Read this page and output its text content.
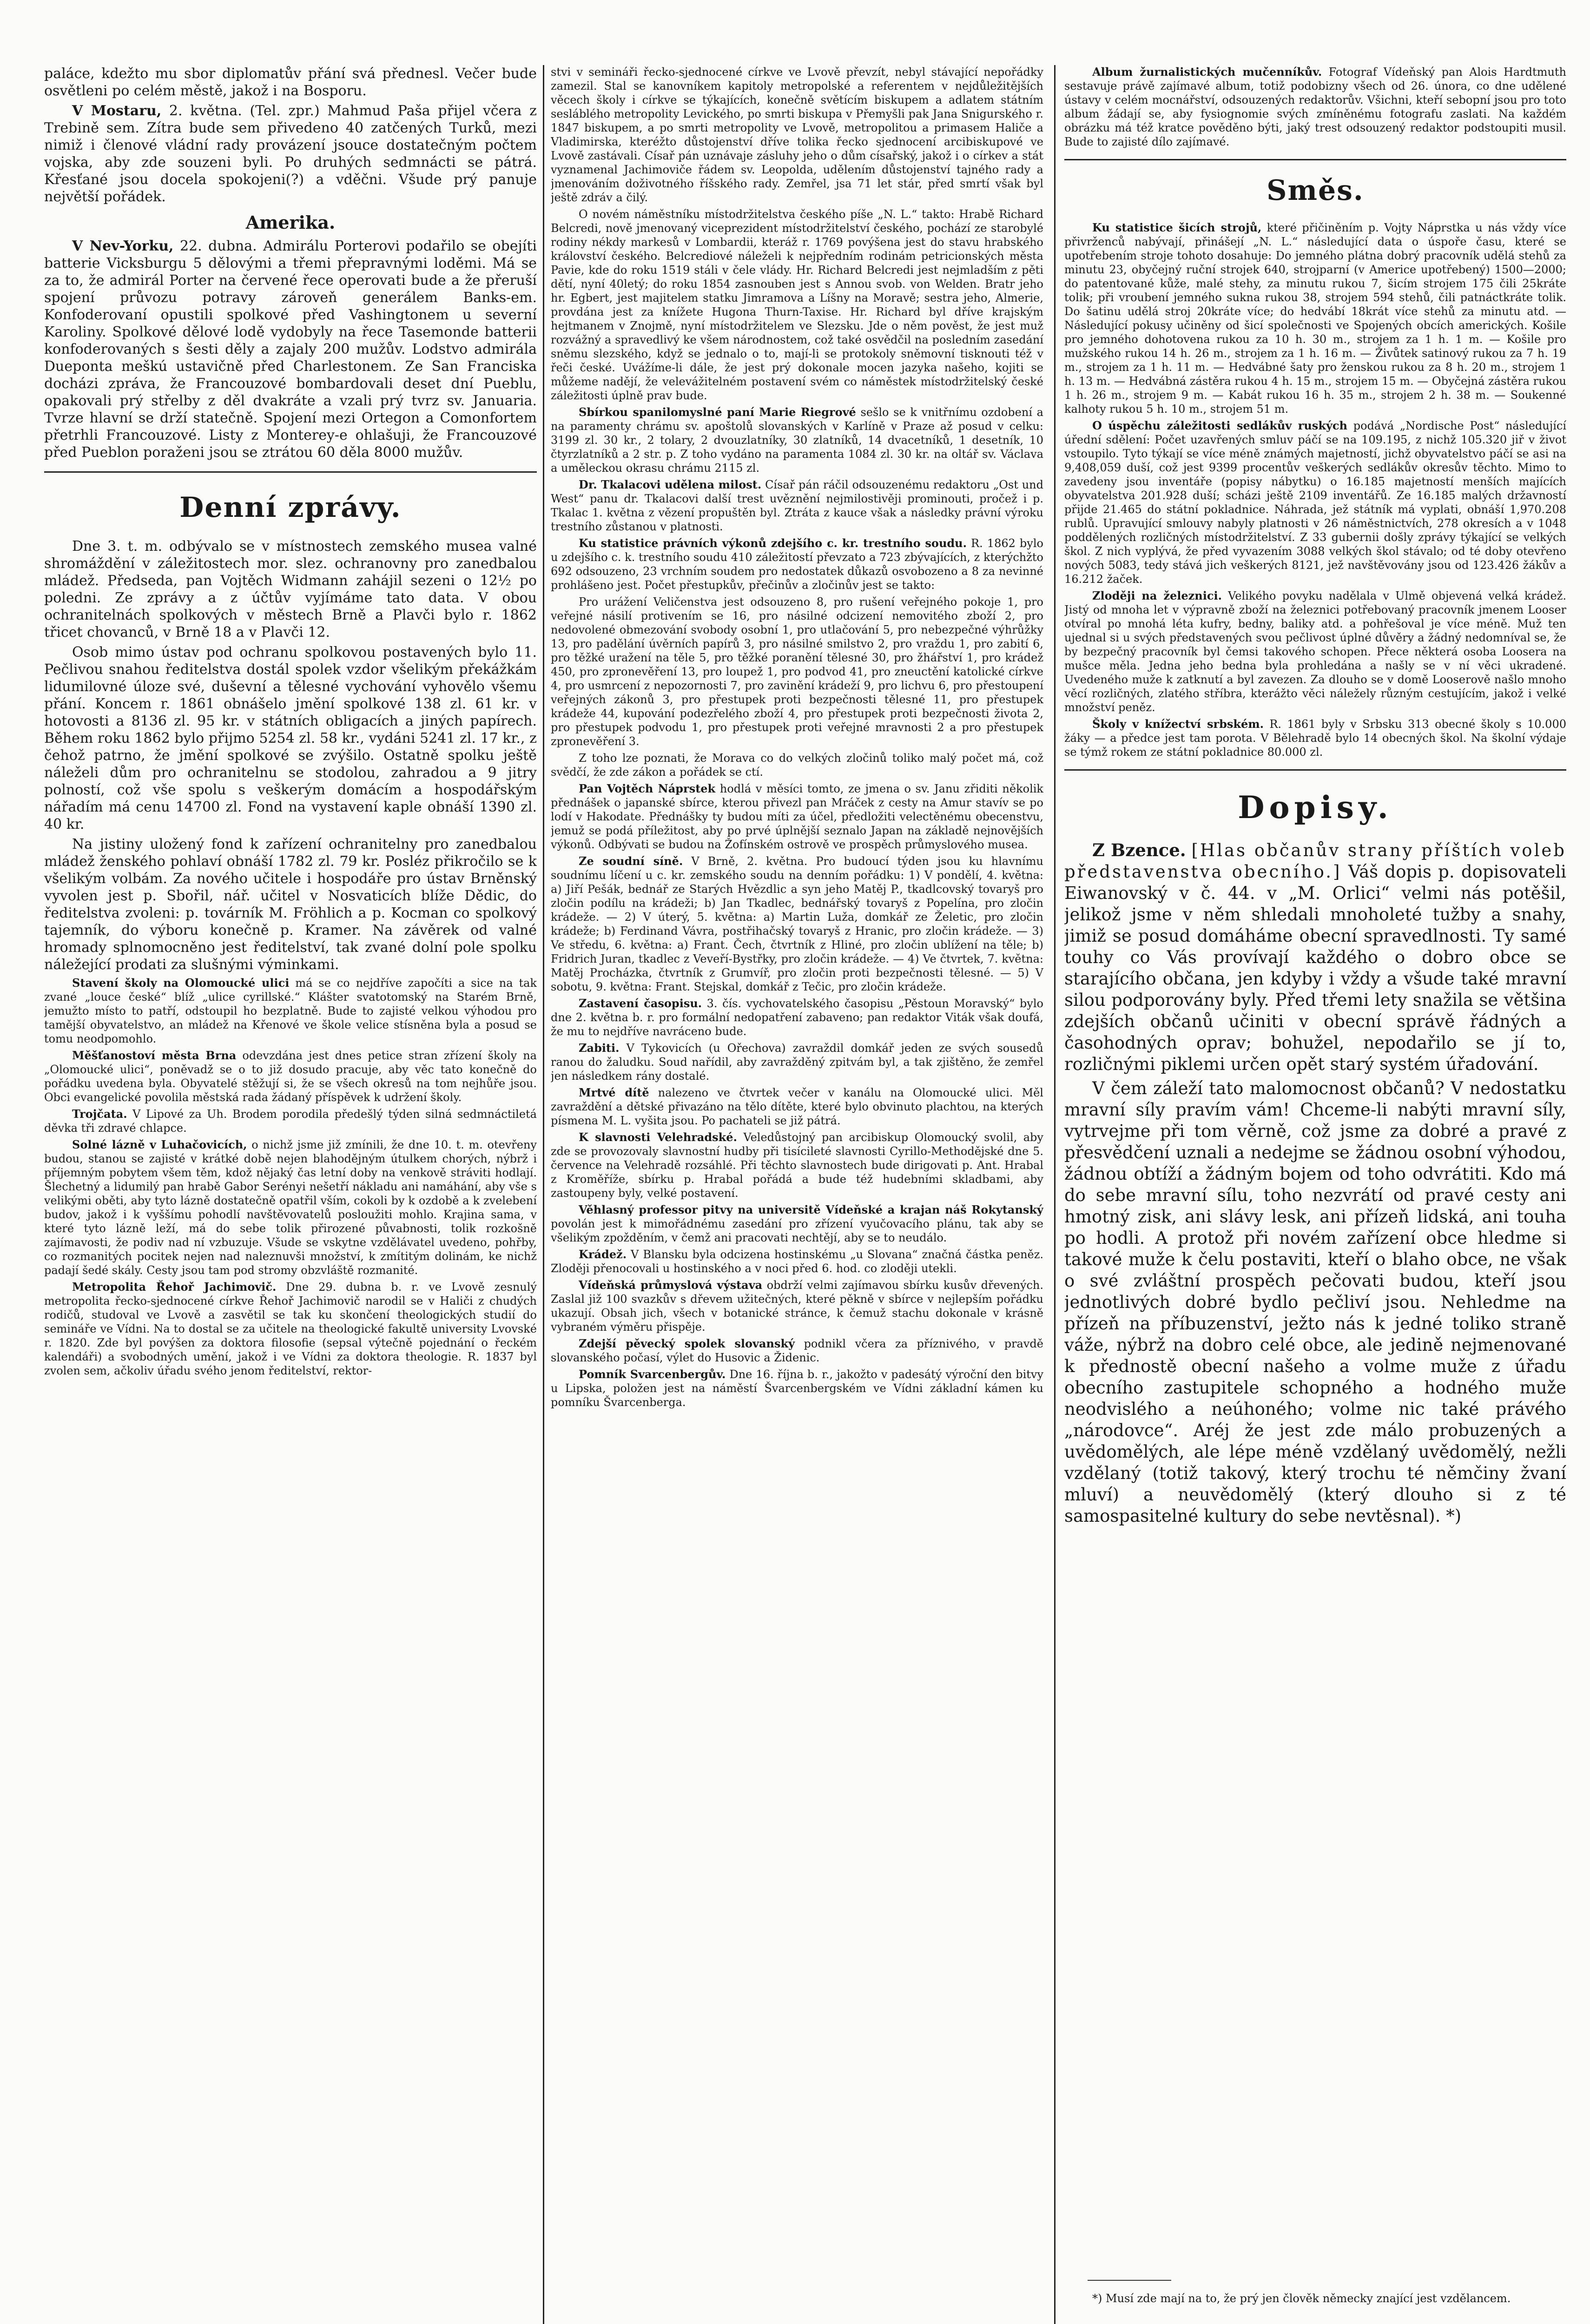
paláce, kdežto mu sbor diplomatův přání svá přednesl. Večer bude osvětleni po celém městě, jakož i na Bosporu.

V Mostaru, 2. května. (Tel. zpr.) Mahmud Paša přijel včera z Trebině sem. Zítra bude sem přivedeno 40 zatčených Turků, mezi nimiž i členové vládní rady provázení jsouce dostatečným počtem vojska, aby zde souzeni byli. Po druhých sedmnácti se pátrá. Křesťané jsou docela spokojeni(?) a vděčni. Všude prý panuje největší pořádek.

Amerika.

V Nev-Yorku, 22. dubna. Admirálu Porterovi podařilo se obejíti batterie Vicksburgu 5 dělovými a třemi přepravnými loděmi. Má se za to, že admirál Porter na červené řece operovati bude a že přeruší spojení průvozu potravy zároveň generálem Banks-em. Konfoderovaní opustili spolkové před Vashingtonem u severní Karoliny. Spolkové dělové lodě vydobyly na řece Tasemonde batterii konfoderovaných s šesti děly a zajaly 200 mužův. Lodstvo admirála Dueponta meškú ustavičně před Charlestonem. Ze San Franciska docházi zpráva, že Francouzové bombardovali deset dní Pueblu, opakovali prý střelby z děl dvakráte a vzali prý tvrz sv. Januaria. Tvrze hlavní se drží statečně. Spojení mezi Ortegon a Comonfortem přetrhli Francouzové. Listy z Monterey-e ohlašuji, že Francouzové před Pueblon poraženi jsou se ztrátou 60 děla 8000 mužův.

Denní zprávy.

Dne 3. t. m. odbývalo se v místnostech zemského musea valné shromáždění v záležitostech mor. slez. ochranovny pro zanedbalou mládež. Předseda, pan Vojtěch Widmann zahájil sezeni o 12½ po poledni. Ze zprávy a z účtův vyjímáme tato data. V obou ochranitelnách spolkových v městech Brně a Plavči bylo r. 1862 třicet chovanců, v Brně 18 a v Plavči 12.

Osob mimo ústav pod ochranu spolkovou postavených bylo 11. Pečlivou snahou ředitelstva dostál spolek vzdor všelikým překážkám lidumilovné úloze své, duševní a tělesné vychování vyhovělo všemu přání. Koncem r. 1861 obnášelo jmění spolkové 138 zl. 61 kr. v hotovosti a 8136 zl. 95 kr. v státních obligacích a jiných papírech. Během roku 1862 bylo přijmo 5254 zl. 58 kr., vydáni 5241 zl. 17 kr., z čehož patrno, že jmění spolkové se zvýšilo. Ostatně spolku ještě náleželi dům pro ochranitelnu se stodolou, zahradou a 9 jitry polností, což vše spolu s veškerým domácím a hospodářským nářadím má cenu 14700 zl. Fond na vystavení kaple obnáší 1390 zl. 40 kr.

Na jistiny uložený fond k zařízení ochranitelny pro zanedbalou mládež ženského pohlaví obnáší 1782 zl. 79 kr. Posléz přikročilo se k všelikým volbám. Za nového učitele i hospodáře pro ústav Brněnský vyvolen jest p. Sbořil, nář. učitel v Nosvaticích blíže Dědic, do ředitelstva zvoleni: p. továrník M. Fröhlich a p. Kocman co spolkový tajemník, do výboru konečně p. Kramer. Na závěrek od valné hromady splnomocněno jest ředitelství, tak zvané dolní pole spolku náležející prodati za slušnými výminkami.

Stavení školy na Olomoucké ulici má se co nejdříve započíti a sice na tak zvané „louce české“ blíž „ulice cyrillské.“ Klášter svatotomský na Starém Brně, jemužto místo to patří, odstoupil ho bezplatně. Bude to zajisté velkou výhodou pro tamější obyvatelstvo, an mládež na Křenové ve škole velice stísněna byla a posud se tomu neodpomohlo.

Měšťanostoví města Brna odevzdána jest dnes petice stran zřízení školy na „Olomoucké ulici“, poněvadž se o to již dosudo pracuje, aby věc tato konečně do pořádku uvedena byla. Obyvatelé stěžují si, že se všech okresů na tom nejhůře jsou. Obci evangelické povolila městská rada žádaný příspěvek k udržení školy.

Trojčata. V Lipové za Uh. Brodem porodila předešlý týden silná sedmnáctiletá děvka tři zdravé chlapce.

Solné lázně v Luhačovicích, o nichž jsme již zmínili, že dne 10. t. m. otevřeny budou, stanou se zajisté v krátké době nejen blahodějným útulkem chorých, nýbrž i příjemným pobytem všem těm, kdož nějaký čas letní doby na venkově stráviti hodlají. Šlechetný a lidumilý pan hrabě Gabor Serényi nešetří nákladu ani namáhání, aby vše s velikými oběti, aby tyto lázně dostatečně opatřil vším, cokoli by k ozdobě a k zvelebení budov, jakož i k vyššímu pohodlí navštěvovatelů posloužiti mohlo. Krajina sama, v které tyto lázně leží, má do sebe tolik přirozené půvabnosti, tolik rozkošně zajímavosti, že podiv nad ní vzbuzuje. Všude se vskytne vzdělávatel uvedeno, pohřby, co rozmanitých pocitek nejen nad naleznuvši množství, k zmítitým dolinám, ke nichž padají šedé skály. Cesty jsou tam pod stromy obzvláště rozmanité.

Metropolita Řehoř Jachimovič. Dne 29. dubna b. r. ve Lvově zesnulý metropolita řecko-sjednocené církve Řehoř Jachimovič narodil se v Haliči z chudých rodičů, studoval ve Lvově a zasvětil se tak ku skončení theologických studií do semináře ve Vídni. Na to dostal se za učitele na theologické fakultě university Lvovské r. 1820. Zde byl povýšen za doktora filosofie (sepsal výtečně pojednání o řeckém kalendáři) a svobodných umění, jakož i ve Vídni za doktora theologie. R. 1837 byl zvolen sem, ačkoliv úřadu svého jenom ředitelství, rektor-

stvi v semináři řecko-sjednocené církve ve Lvově převzít, nebyl stávající nepořádky zamezil. Stal se kanovníkem kapitoly metropolské a referentem v nejdůležitějších věcech školy i církve se týkajících, konečně světícím biskupem a adlatem státním sesláblého metropolity Levického, po smrti biskupa v Přemyšli pak Jana Snigurského r. 1847 biskupem, a po smrti metropolity ve Lvově, metropolitou a primasem Haliče a Vladimirska, kteréžto důstojenství dříve tolika řecko sjednocení arcibiskupové ve Lvově zastávali. Císař pán uznávaje zásluhy jeho o dům císařský, jakož i o církev a stát vyznamenal Jachimoviče řádem sv. Leopolda, udělením důstojenství tajného rady a jmenováním doživotného říšského rady. Zemřel, jsa 71 let stár, před smrtí však byl ještě zdráv a čilý.

O novém náměstníku místodržitelstva českého píše „N. L.“ takto: Hrabě Richard Belcredi, nově jmenovaný viceprezident místodržitelství českého, pochází ze starobylé rodiny nékdy markesů v Lombardii, kteráž r. 1769 povýšena jest do stavu hrabského království českého. Belcrediové náleželi k nejpředním rodinám petricionských města Pavie, kde do roku 1519 stáli v čele vlády. Hr. Richard Belcredi jest nejmladším z pěti dětí, nyní 40letý; do roku 1854 zasnouben jest s Annou svob. von Welden. Bratr jeho hr. Egbert, jest majitelem statku Jimramova a Líšny na Moravě; sestra jeho, Almerie, provdána jest za knížete Hugona Thurn-Taxise. Hr. Richard byl dříve krajským hejtmanem v Znojmě, nyní místodržitelem ve Slezsku. Jde o něm pověst, že jest muž rozvážný a spravedlivý ke všem národnostem, což také osvědčil na posledním zasedání sněmu slezského, když se jednalo o to, mají-li se protokoly sněmovní tisknouti též v řeči české. Uvážíme-li dále, že jest prý dokonale mocen jazyka našeho, kojiti se můžeme nadějí, že velevážitelném postavení svém co náměstek místodržitelský české záležitosti úplně prav bude.

Sbírkou spanilomyslné paní Marie Riegrové sešlo se k vnitřnímu ozdobení a na paramenty chrámu sv. apoštolů slovanských v Karlíně v Praze až posud v celku: 3199 zl. 30 kr., 2 tolary, 2 dvouzlatníky, 30 zlatníků, 14 dvacetníků, 1 desetník, 10 čtyrzlatníků a 2 str. p. Z toho vydáno na paramenta 1084 zl. 30 kr. na oltář sv. Václava a uměleckou okrasu chrámu 2115 zl.

Dr. Tkalacovi udělena milost. Císař pán ráčil odsouzenému redaktoru „Ost und West“ panu dr. Tkalacovi další trest uvěznění nejmilostivěji prominouti, pročež i p. Tkalac 1. května z vězení propuštěn byl. Ztráta z kauce však a následky právní výroku trestního zůstanou v platnosti.

Ku statistice právních výkonů zdejšího c. kr. trestního soudu. R. 1862 bylo u zdejšího c. k. trestního soudu 410 záležitostí převzato a 723 zbývajících, z kterýchžto 692 odsouzeno, 23 vrchním soudem pro nedostatek důkazů osvobozeno a 8 za nevinné prohlášeno jest. Počet přestupkův, přečinův a zločinův jest se takto:

Pro urážení Veličenstva jest odsouzeno 8, pro rušení veřejného pokoje 1, pro veřejné násilí protivením se 16, pro násilné odcizení nemovitého zboží 2, pro nedovolené obmezování svobody osobní 1, pro utlačování 5, pro nebezpečné výhrůžky 13, pro padělání úvěrních papírů 3, pro násilné smilstvo 2, pro vraždu 1, pro zabití 6, pro těžké uražení na těle 5, pro těžké poranění tělesné 30, pro žhářství 1, pro krádež 450, pro zpronevěření 13, pro loupež 1, pro podvod 41, pro zneuctění katolické církve 4, pro usmrcení z nepozornosti 7, pro zavinění krádeží 9, pro lichvu 6, pro přestoupení veřejných zákonů 3, pro přestupek proti bezpečnosti tělesné 11, pro přestupek krádeže 44, kupování podezřelého zboží 4, pro přestupek proti bezpečnosti života 2, pro přestupek podvodu 1, pro přestupek proti veřejné mravnosti 2 a pro přestupek zpronevěření 3.

Z toho lze poznati, že Morava co do velkých zločinů toliko malý počet má, což svědčí, že zde zákon a pořádek se ctí.

Pan Vojtěch Náprstek hodlá v měsíci tomto, ze jmena o sv. Janu zřiditi několik přednášek o japanské sbírce, kterou přivezl pan Mráček z cesty na Amur stavív se po lodí v Hakodate. Přednášky ty budou míti za účel, předložiti velectěnému obecenstvu, jemuž se podá příležitost, aby po prvé úplnější seznalo Japan na základě nejnovějších výkonů. Odbývati se budou na Žofínském ostrově ve prospěch průmyslového musea.

Ze soudní síně. V Brně, 2. května. Pro budoucí týden jsou ku hlavnímu soudnímu líčení u c. kr. zemského soudu na denním pořádku: 1) V pondělí, 4. května: a) Jiří Pešák, bednář ze Starých Hvězdlic a syn jeho Matěj P., tkadlcovský tovaryš pro zločin podílu na krádeži; b) Jan Tkadlec, bednářský tovaryš z Popelína, pro zločin krádeže. — 2) V úterý, 5. května: a) Martin Luža, domkář ze Želetic, pro zločin krádeže; b) Ferdinand Vávra, postřihačský tovaryš z Hranic, pro zločin krádeže. — 3) Ve středu, 6. května: a) Frant. Čech, čtvrtník z Hliné, pro zločin ublížení na těle; b) Fridrich Juran, tkadlec z Veveří-Bystřky, pro zločin krádeže. — 4) Ve čtvrtek, 7. května: Matěj Procházka, čtvrtník z Grumvíř, pro zločin proti bezpečnosti tělesné. — 5) V sobotu, 9. května: Frant. Stejskal, domkář z Tečic, pro zločin krádeže.

Zastavení časopisu. 3. čís. vychovatelského časopisu „Pěstoun Moravský“ bylo dne 2. května b. r. pro formální nedopatření zabaveno; pan redaktor Viták však doufá, že mu to nejdříve navráceno bude.

Zabiti. V Tykovicích (u Ořechova) zavraždil domkář jeden ze svých sousedů ranou do žaludku. Soud nařídil, aby zavražděný zpitvám byl, a tak zjištěno, že zemřel jen následkem rány dostalé.

Mrtvé dítě nalezeno ve čtvrtek večer v kanálu na Olomoucké ulici. Měl zavraždění a dětské přivazáno na tělo dítěte, které bylo obvinuto plachtou, na kterých písmena M. L. vyšita jsou. Po pachateli se již pátrá.

K slavnosti Velehradské. Veledůstojný pan arcibiskup Olomoucký svolil, aby zde se provozovaly slavnostní hudby při tisícileté slavnosti Cyrillo-Methodějské dne 5. července na Velehradě rozsáhlé. Při těchto slavnostech bude dirigovati p. Ant. Hrabal z Kroměříže, sbírku p. Hrabal pořádá a bude též hudebními skladbami, aby zastoupeny byly, velké postavení.

Věhlasný professor pitvy na universitě Vídeňské a krajan náš Rokytanský povolán jest k mimořádnému zasedání pro zřízení vyučovacího plánu, tak aby se všelikým zpožděním, v čemž ani pracovati nechtějí, aby se to neudálo.

Krádež. V Blansku byla odcizena hostinskému „u Slovana“ značná částka peněz. Zloději přenocovali u hostinského a v noci před 6. hod. co zloději utekli.

Vídeňská průmyslová výstava obdrží velmi zajímavou sbírku kusův dřevených. Zaslal již 100 svazkův s dřevem užitečných, které pěkně v sbírce v nejlepším pořádku ukazují. Obsah jich, všech v botanické stránce, k čemuž stachu dokonale v krásně vybraném výměru přispěje.

Zdejší pěvecký spolek slovanský podnikl včera za příznivého, v pravdě slovanského počasí, výlet do Husovic a Židenic.

Pomník Svarcenbergův. Dne 16. října b. r., jakožto v padesátý výroční den bitvy u Lipska, položen jest na náměstí Švarcenbergském ve Vídni základní kámen ku pomníku Švarcenberga.

Album žurnalistických mučenníkův. Fotograf Vídeňský pan Alois Hardtmuth sestavuje právě zajímavé album, totiž podobizny všech od 26. února, co dne udělené ústavy v celém mocnářství, odsouzených redaktorův. Všichni, kteří sebopní jsou pro toto album žádají se, aby fysiognomie svých zmíněnému fotografu zaslati. Na každém obrázku má též kratce pověděno býti, jaký trest odsouzený redaktor podstoupiti musil. Bude to zajisté dílo zajímavé.

Směs.

Ku statistice šicích strojů, které přičiněním p. Vojty Náprstka u nás vždy více přivrženců nabývají, přinášejí „N. L.“ následující data o úspoře času, které se upotřebením stroje tohoto dosahuje: Do jemného plátna dobrý pracovník udělá stehů za minutu 23, obyčejný ruční strojek 640, strojparní (v Americe upotřebený) 1500—2000; do patentované kůže, malé stehy, za minutu rukou 7, šicím strojem 175 čili 25kráte tolik; při vroubení jemného sukna rukou 38, strojem 594 stehů, čili patnáctkráte tolik. Do šatinu udělá stroj 20kráte více; do hedvábí 18krát více stehů za minutu atd. — Následující pokusy učiněny od šicí společnosti ve Spojených obcích amerických. Košile pro jemného dohotovena rukou za 10 h. 30 m., strojem za 1 h. 1 m. — Košile pro mužského rukou 14 h. 26 m., strojem za 1 h. 16 m. — Živůtek satinový rukou za 7 h. 19 m., strojem za 1 h. 11 m. — Hedvábné šaty pro ženskou rukou za 8 h. 20 m., strojem 1 h. 13 m. — Hedvábná zástěra rukou 4 h. 15 m., strojem 15 m. — Obyčejná zástěra rukou 1 h. 26 m., strojem 9 m. — Kabát rukou 16 h. 35 m., strojem 2 h. 38 m. — Soukenné kalhoty rukou 5 h. 10 m., strojem 51 m.

O úspěchu záležitosti sedlákův ruských podává „Nordische Post“ následující úřední sdělení: Počet uzavřených smluv páčí se na 109.195, z nichž 105.320 jiř v život vstoupilo. Tyto týkají se více méně známých majetností, jichž obyvatelstvo páčí se asi na 9,408,059 duší, což jest 9399 procentův veškerých sedlákův okresův těchto. Mimo to zavedeny jsou inventáře (popisy nábytku) o 16.185 majetností menších majících obyvatelstva 201.928 duší; scházi ještě 2109 inventářů. Ze 16.185 malých državností přijde 21.465 do státní pokladnice. Náhrada, jež státník má vyplati, obnáší 1,970.208 rublů. Upravující smlouvy nabyly platnosti v 26 náměstnictvích, 278 okresích a v 1048 poddělených rozličných místodržitelství. Z 33 gubernii došly zprávy týkající se velkých škol. Z nich vyplývá, že před vyvazením 3088 velkých škol stávalo; od té doby otevřeno nových 5083, tedy stává jich veškerých 8121, jež navštěvovány jsou od 123.426 žákův a 16.212 žaček.

Zloději na železnici. Velikého povyku nadělala v Ulmě objevená velká krádež. Jistý od mnoha let v výpravně zboží na železnici potřebovaný pracovník jmenem Looser otvíral po mnohá léta kufry, bedny, baliky atd. a pohřešoval je více méně. Muž ten ujednal si u svých představených svou pečlivost úplné důvěry a žádný nedomníval se, že by bezpečný pracovník byl čemsi takového schopen. Přece některá osoba Loosera na mušce měla. Jedna jeho bedna byla prohledána a našly se v ní věci ukradené. Uvedeného muže k zatknutí a byl zavezen. Za dlouho se v domě Looserově našlo mnoho věcí rozličných, zlatého stříbra, kterážto věci náležely různým cestujícím, jakož i velké množství peněz.

Školy v knížectví srbském. R. 1861 byly v Srbsku 313 obecné školy s 10.000 žáky — a předce jest tam porota. V Bělehradě bylo 14 obecných škol. Na školní výdaje se týmž rokem ze státní pokladnice 80.000 zl.

Dopisy.

Z Bzence. [Hlas občanův strany příštích voleb představenstva obecního.] Váš dopis p. dopisovateli Eiwanovský v č. 44. v „M. Orlici“ velmi nás potěšil, jelikož jsme v něm shledali mnoholeté tužby a snahy, jimiž se posud domáháme obecní spravedlnosti. Ty samé touhy co Vás provívají každého o dobro obce se starajícího občana, jen kdyby i vždy a všude také mravní silou podporovány byly. Před třemi lety snažila se většina zdejších občanů učiniti v obecní správě řádných a časohodných oprav; bohužel, nepodařilo se jí to, rozličnými piklemi určen opět starý systém úřadování.

V čem záleží tato malomocnost občanů? V nedostatku mravní síly pravím vám! Chceme-li nabýti mravní síly, vytrvejme při tom věrně, což jsme za dobré a pravé z přesvědčení uznali a nedejme se žádnou osobní výhodou, žádnou obtíží a žádným bojem od toho odvrátiti. Kdo má do sebe mravní sílu, toho nezvrátí od pravé cesty ani hmotný zisk, ani slávy lesk, ani přízeň lidská, ani touha po hodli. A protož při novém zařízení obce hledme si takové muže k čelu postaviti, kteří o blaho obce, ne však o své zvláštní prospěch pečovati budou, kteří jsou jednotlivých dobré bydlo pečliví jsou. Nehledme na přízeň na příbuzenství, ježto nás k jedné toliko straně váže, nýbrž na dobro celé obce, ale jedině nejmenované k přednostě obecní našeho a volme muže z úřadu obecního zastupitele schopného a hodného muže neodvislého a neúhoného; volme nic také právého „národovce“. Aréj že jest zde málo probuzených a uvědomělých, ale lépe méně vzdělaný uvědomělý, nežli vzdělaný (totiž takový, který trochu té němčiny žvaní mluví) a neuvědomělý (který dlouho si z té samospasitelné kultury do sebe nevtěsnal). *)

*) Musí zde mají na to, že prý jen člověk německy znající jest vzdělancem.
